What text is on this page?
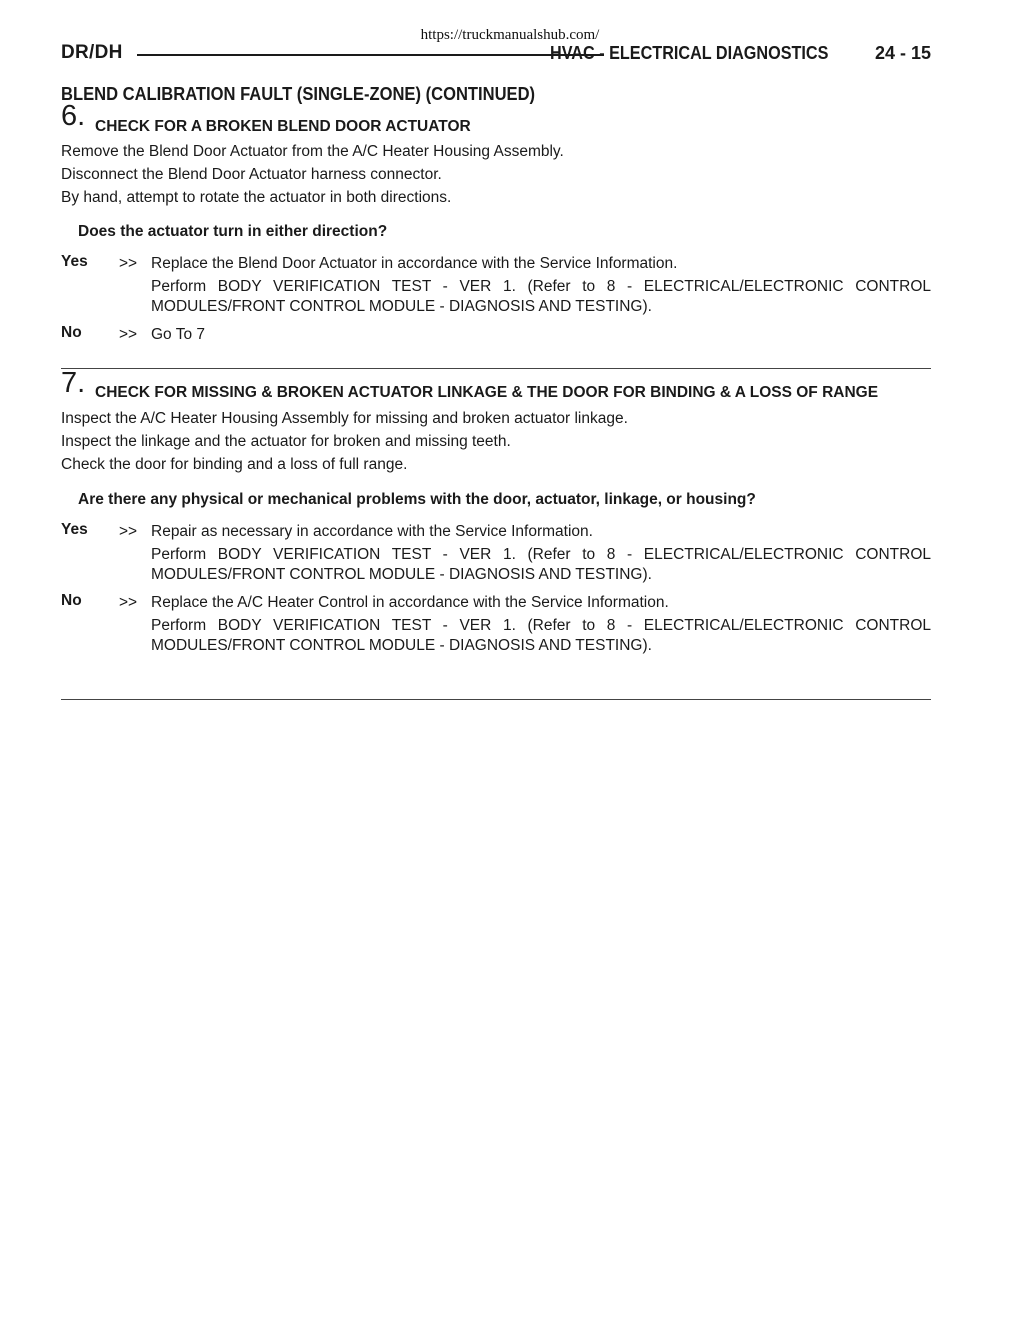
https://truckmanualshub.com/
DR/DH	HVAC - ELECTRICAL DIAGNOSTICS	24 - 15
BLEND CALIBRATION FAULT (SINGLE-ZONE) (CONTINUED)
6. CHECK FOR A BROKEN BLEND DOOR ACTUATOR

Remove the Blend Door Actuator from the A/C Heater Housing Assembly.

Disconnect the Blend Door Actuator harness connector.

By hand, attempt to rotate the actuator in both directions.

Does the actuator turn in either direction?
Yes >> Replace the Blend Door Actuator in accordance with the Service Information.
Perform BODY VERIFICATION TEST - VER 1. (Refer to 8 - ELECTRICAL/ELECTRONIC CONTROL MODULES/FRONT CONTROL MODULE - DIAGNOSIS AND TESTING).
No >> Go To 7
7. CHECK FOR MISSING & BROKEN ACTUATOR LINKAGE & THE DOOR FOR BINDING & A LOSS OF RANGE

Inspect the A/C Heater Housing Assembly for missing and broken actuator linkage.

Inspect the linkage and the actuator for broken and missing teeth.

Check the door for binding and a loss of full range.

Are there any physical or mechanical problems with the door, actuator, linkage, or housing?
Yes >> Repair as necessary in accordance with the Service Information.
Perform BODY VERIFICATION TEST - VER 1. (Refer to 8 - ELECTRICAL/ELECTRONIC CONTROL MODULES/FRONT CONTROL MODULE - DIAGNOSIS AND TESTING).
No >> Replace the A/C Heater Control in accordance with the Service Information.
Perform BODY VERIFICATION TEST - VER 1. (Refer to 8 - ELECTRICAL/ELECTRONIC CONTROL MODULES/FRONT CONTROL MODULE - DIAGNOSIS AND TESTING).
